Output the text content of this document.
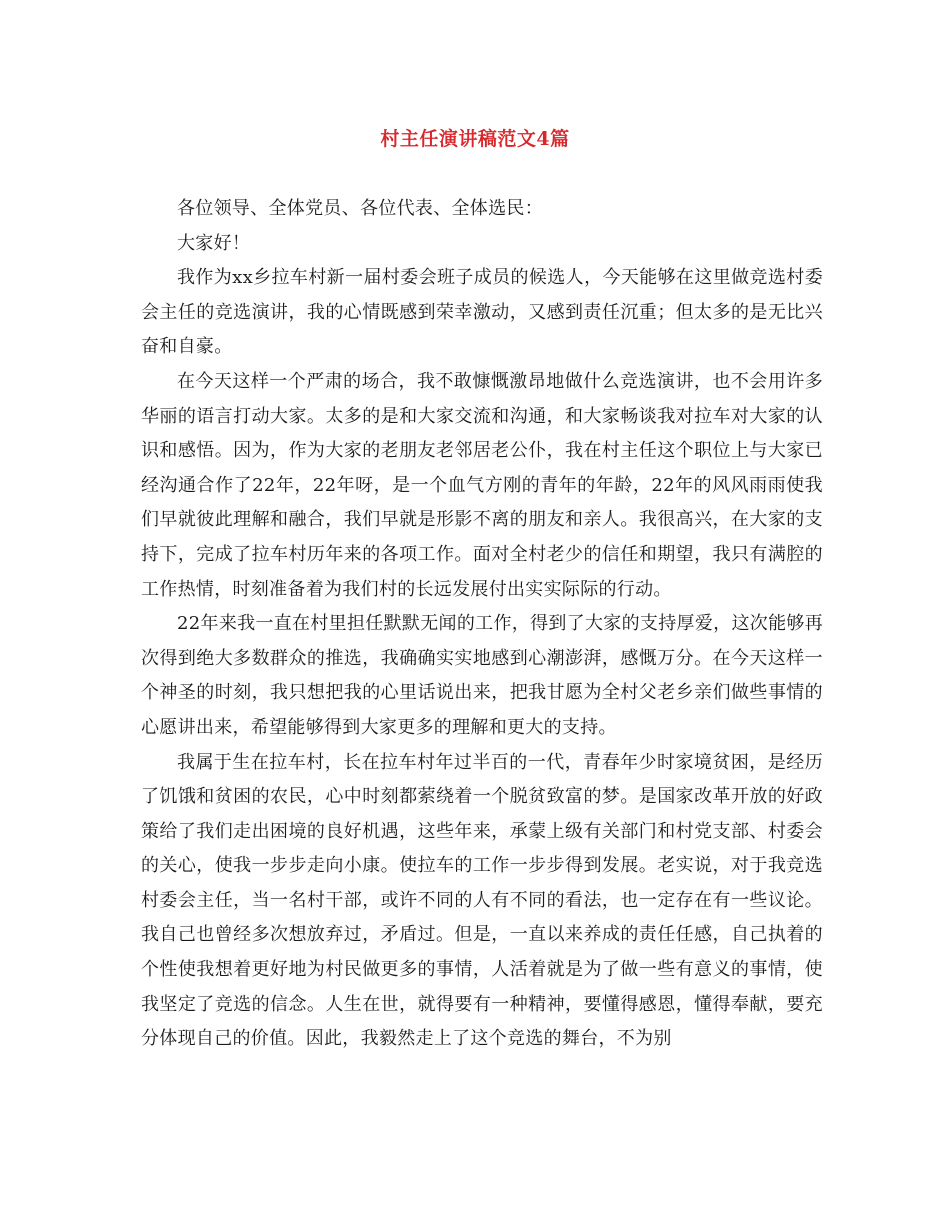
村主任演讲稿范文4篇

各位领导、全体党员、各位代表、全体选民：

大家好！

我作为xx乡拉车村新一届村委会班子成员的候选人，今天能够在这里做竞选村委会主任的竞选演讲，我的心情既感到荣幸激动，又感到责任沉重；但太多的是无比兴奋和自豪。

在今天这样一个严肃的场合，我不敢慷慨激昂地做什么竞选演讲，也不会用许多华丽的语言打动大家。太多的是和大家交流和沟通，和大家畅谈我对拉车对大家的认识和感悟。因为，作为大家的老朋友老邻居老公仆，我在村主任这个职位上与大家已经沟通合作了22年，22年呀，是一个血气方刚的青年的年龄，22年的风风雨雨使我们早就彼此理解和融合，我们早就是形影不离的朋友和亲人。我很高兴，在大家的支持下，完成了拉车村历年来的各项工作。面对全村老少的信任和期望，我只有满腔的工作热情，时刻准备着为我们村的长远发展付出实实际际的行动。

22年来我一直在村里担任默默无闻的工作，得到了大家的支持厚爱，这次能够再次得到绝大多数群众的推选，我确确实实地感到心潮澎湃，感慨万分。在今天这样一个神圣的时刻，我只想把我的心里话说出来，把我甘愿为全村父老乡亲们做些事情的心愿讲出来，希望能够得到大家更多的理解和更大的支持。

我属于生在拉车村，长在拉车村年过半百的一代，青春年少时家境贫困，是经历了饥饿和贫困的农民，心中时刻都萦绕着一个脱贫致富的梦。是国家改革开放的好政策给了我们走出困境的良好机遇，这些年来，承蒙上级有关部门和村党支部、村委会的关心，使我一步步走向小康。使拉车的工作一步步得到发展。老实说，对于我竞选村委会主任，当一名村干部，或许不同的人有不同的看法，也一定存在有一些议论。我自己也曾经多次想放弃过，矛盾过。但是，一直以来养成的责任任感，自己执着的个性使我想着更好地为村民做更多的事情，人活着就是为了做一些有意义的事情，使我坚定了竞选的信念。人生在世，就得要有一种精神，要懂得感恩，懂得奉献，要充分体现自己的价值。因此，我毅然走上了这个竞选的舞台，不为别
